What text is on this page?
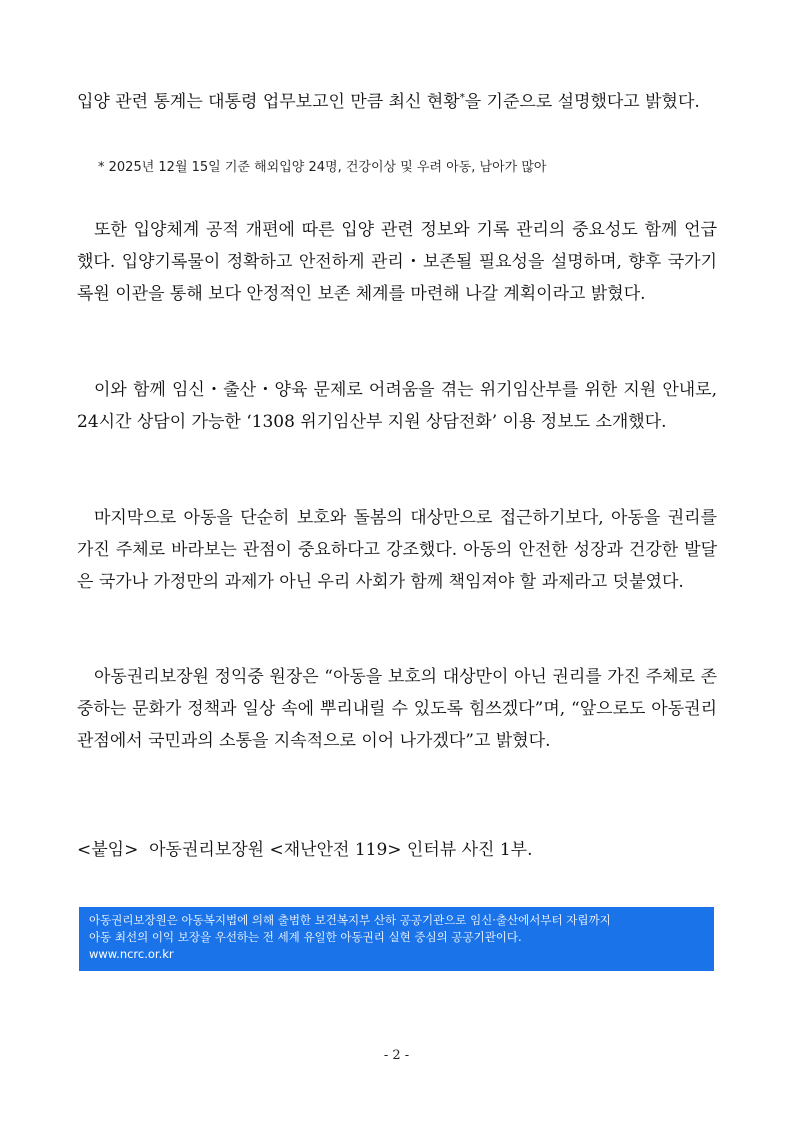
입양 관련 통계는 대통령 업무보고인 만큼 최신 현황*을 기준으로 설명했다고 밝혔다.

* 2025년 12월 15일 기준 해외입양 24명, 건강이상 및 우려 아동, 남아가 많아

또한 입양체계 공적 개편에 따른 입양 관련 정보와 기록 관리의 중요성도 함께 언급했다. 입양기록물이 정확하고 안전하게 관리・보존될 필요성을 설명하며, 향후 국가기록원 이관을 통해 보다 안정적인 보존 체계를 마련해 나갈 계획이라고 밝혔다.

이와 함께 임신・출산・양육 문제로 어려움을 겪는 위기임산부를 위한 지원 안내로, 24시간 상담이 가능한 ‘1308 위기임산부 지원 상담전화’ 이용 정보도 소개했다.

마지막으로 아동을 단순히 보호와 돌봄의 대상만으로 접근하기보다, 아동을 권리를 가진 주체로 바라보는 관점이 중요하다고 강조했다. 아동의 안전한 성장과 건강한 발달은 국가나 가정만의 과제가 아닌 우리 사회가 함께 책임져야 할 과제라고 덧붙였다.

아동권리보장원 정익중 원장은 “아동을 보호의 대상만이 아닌 권리를 가진 주체로 존중하는 문화가 정책과 일상 속에 뿌리내릴 수 있도록 힘쓰겠다”며, “앞으로도 아동권리 관점에서 국민과의 소통을 지속적으로 이어 나가겠다”고 밝혔다.

<붙임>  아동권리보장원 <재난안전 119> 인터뷰 사진 1부.
아동권리보장원은 아동복지법에 의해 출범한 보건복지부 산하 공공기관으로 임신·출산에서부터 자립까지
아동 최선의 이익 보장을 우선하는 전 세계 유일한 아동권리 실현 중심의 공공기관이다.
www.ncrc.or.kr
- 2 -
